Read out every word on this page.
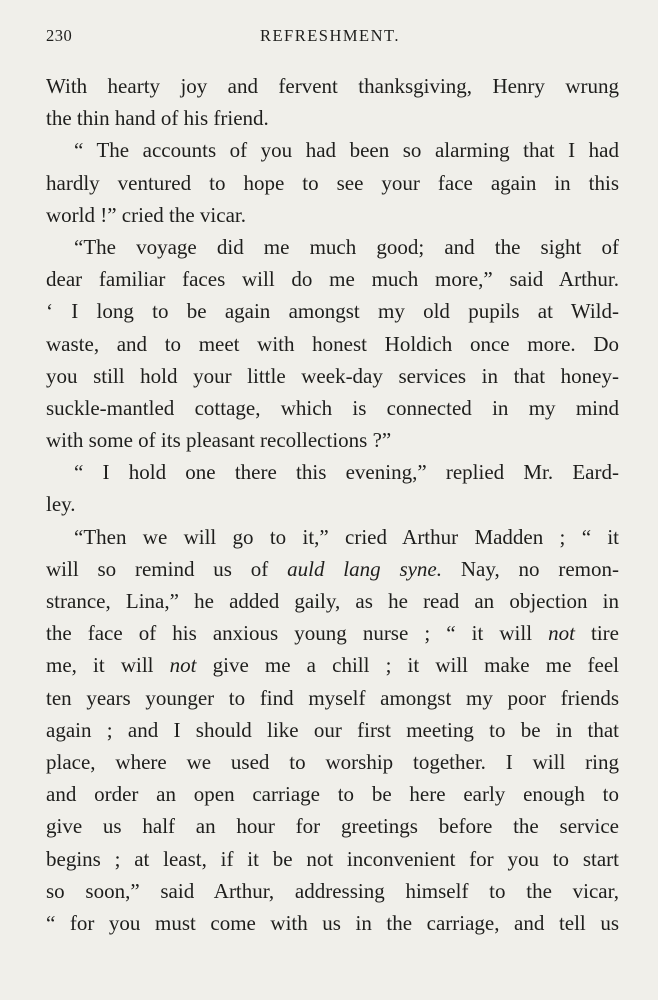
230	REFRESHMENT.
With hearty joy and fervent thanksgiving, Henry wrung
the thin hand of his friend.
“ The accounts of you had been so alarming that I had
hardly ventured to hope to see your face again in this
world !” cried the vicar.
“The voyage did me much good; and the sight of
dear familiar faces will do me much more,” said Arthur.
‘ I long to be again amongst my old pupils at Wild-
waste, and to meet with honest Holdich once more. Do
you still hold your little week-day services in that honey-
suckle-mantled cottage, which is connected in my mind
with some of its pleasant recollections ?”
“ I hold one there this evening,” replied Mr. Eard-
ley.
“Then we will go to it,” cried Arthur Madden ; “ it
will so remind us of auld lang syne. Nay, no remon-
strance, Lina,” he added gaily, as he read an objection in
the face of his anxious young nurse ; “ it will not tire
me, it will not give me a chill ; it will make me feel
ten years younger to find myself amongst my poor friends
again ; and I should like our first meeting to be in that
place, where we used to worship together. I will ring
and order an open carriage to be here early enough to
give us half an hour for greetings before the service
begins ; at least, if it be not inconvenient for you to start
so soon,” said Arthur, addressing himself to the vicar,
“ for you must come with us in the carriage, and tell us
